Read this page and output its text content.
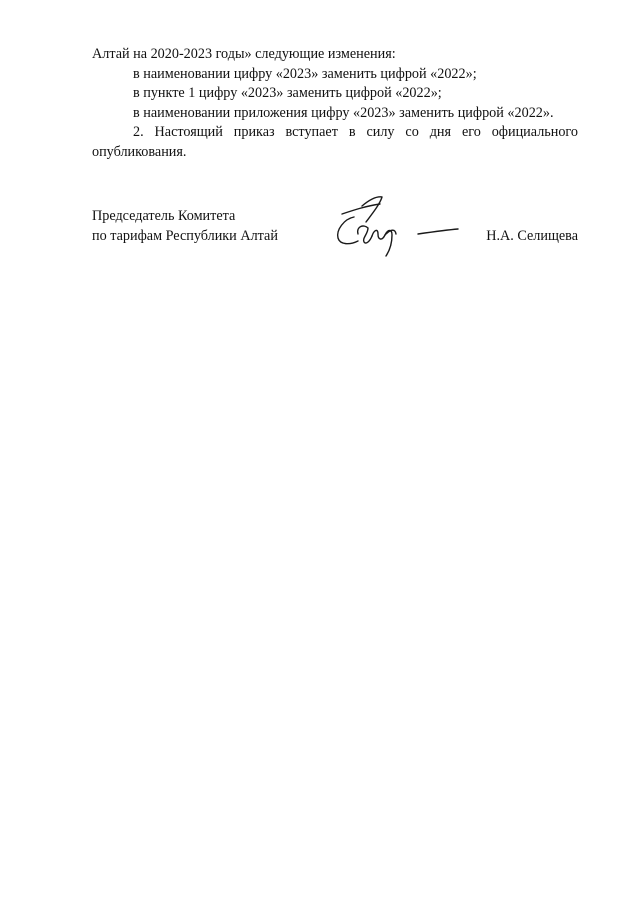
Алтай на 2020-2023 годы» следующие изменения:
в наименовании цифру «2023» заменить цифрой «2022»;
в пункте 1 цифру «2023» заменить цифрой «2022»;
в наименовании приложения цифру «2023» заменить цифрой «2022».
2. Настоящий приказ вступает в силу со дня его официального
опубликования.
Председатель Комитета
по тарифам Республики Алтай	Н.А. Селищева
